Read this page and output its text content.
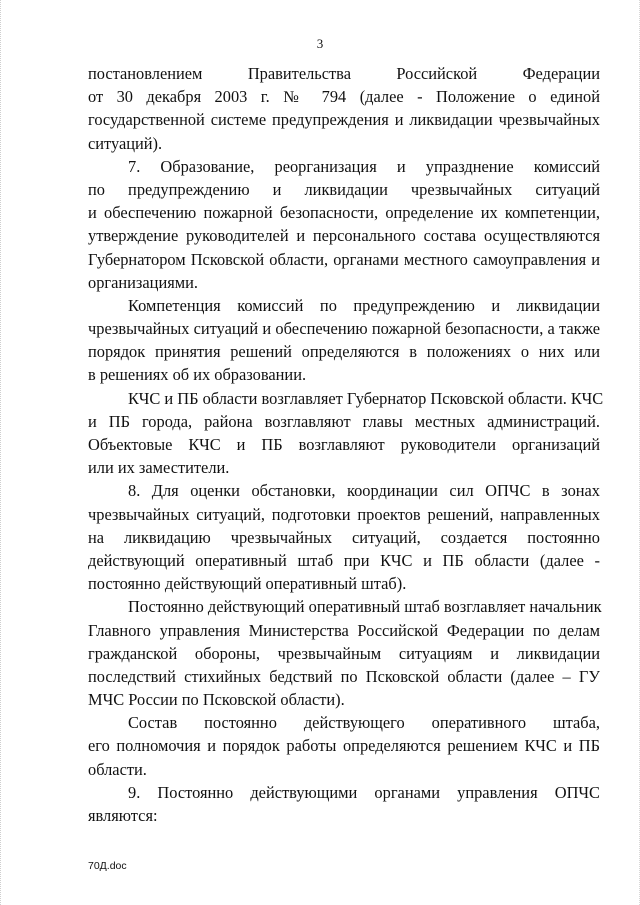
3
постановлением Правительства Российской Федерации
от 30 декабря 2003 г. № 794 (далее - Положение о единой
государственной системе предупреждения и ликвидации чрезвычайных
ситуаций).
7. Образование, реорганизация и упразднение комиссий
по предупреждению и ликвидации чрезвычайных ситуаций
и обеспечению пожарной безопасности, определение их компетенции,
утверждение руководителей и персонального состава осуществляются
Губернатором Псковской области, органами местного самоуправления и
организациями.
Компетенция комиссий по предупреждению и ликвидации
чрезвычайных ситуаций и обеспечению пожарной безопасности, а также
порядок принятия решений определяются в положениях о них или
в решениях об их образовании.
КЧС и ПБ области возглавляет Губернатор Псковской области. КЧС
и ПБ города, района возглавляют главы местных администраций.
Объектовые КЧС и ПБ возглавляют руководители организаций
или их заместители.
8. Для оценки обстановки, координации сил ОПЧС в зонах
чрезвычайных ситуаций, подготовки проектов решений, направленных
на ликвидацию чрезвычайных ситуаций, создается постоянно
действующий оперативный штаб при КЧС и ПБ области (далее -
постоянно действующий оперативный штаб).
Постоянно действующий оперативный штаб возглавляет начальник
Главного управления Министерства Российской Федерации по делам
гражданской обороны, чрезвычайным ситуациям и ликвидации
последствий стихийных бедствий по Псковской области (далее – ГУ
МЧС России по Псковской области).
Состав постоянно действующего оперативного штаба,
его полномочия и порядок работы определяются решением КЧС и ПБ
области.
9. Постоянно действующими органами управления ОПЧС
являются:
70Д.doc
